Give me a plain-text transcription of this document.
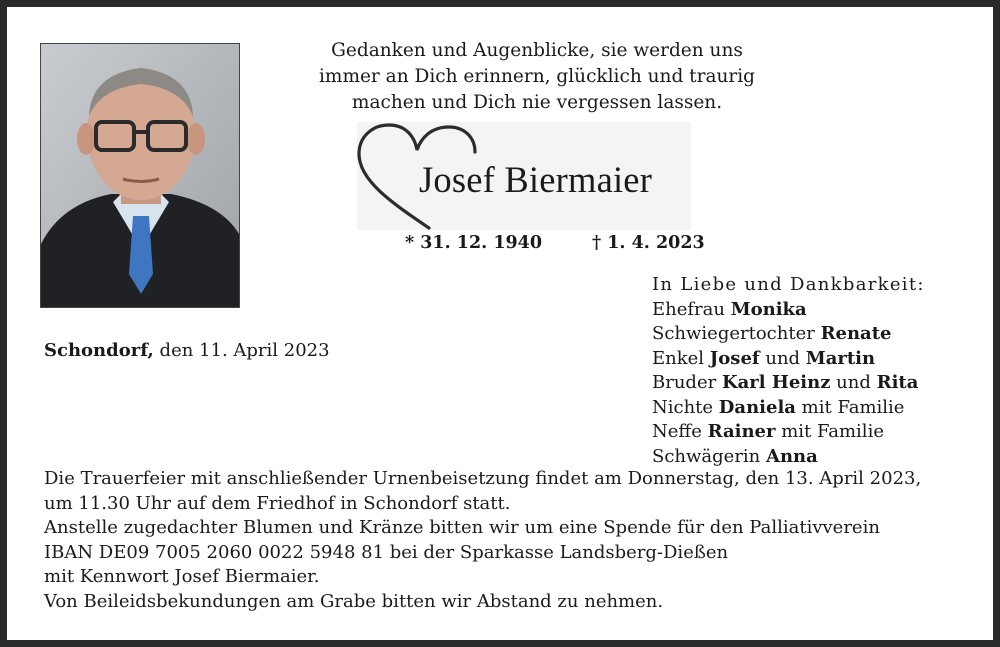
Gedanken und Augenblicke, sie werden uns
immer an Dich erinnern, glücklich und traurig
machen und Dich nie vergessen lassen.
Josef Biermaier
* 31. 12. 1940	† 1. 4. 2023
Schondorf, den 11. April 2023
In Liebe und Dankbarkeit:
Ehefrau Monika
Schwiegertochter Renate
Enkel Josef und Martin
Bruder Karl Heinz und Rita
Nichte Daniela mit Familie
Neffe Rainer mit Familie
Schwägerin Anna
Die Trauerfeier mit anschließender Urnenbeisetzung findet am Donnerstag, den 13. April 2023,
um 11.30 Uhr auf dem Friedhof in Schondorf statt.
Anstelle zugedachter Blumen und Kränze bitten wir um eine Spende für den Palliativverein
IBAN DE09 7005 2060 0022 5948 81 bei der Sparkasse Landsberg-Dießen
mit Kennwort Josef Biermaier.
Von Beileidsbekundungen am Grabe bitten wir Abstand zu nehmen.
